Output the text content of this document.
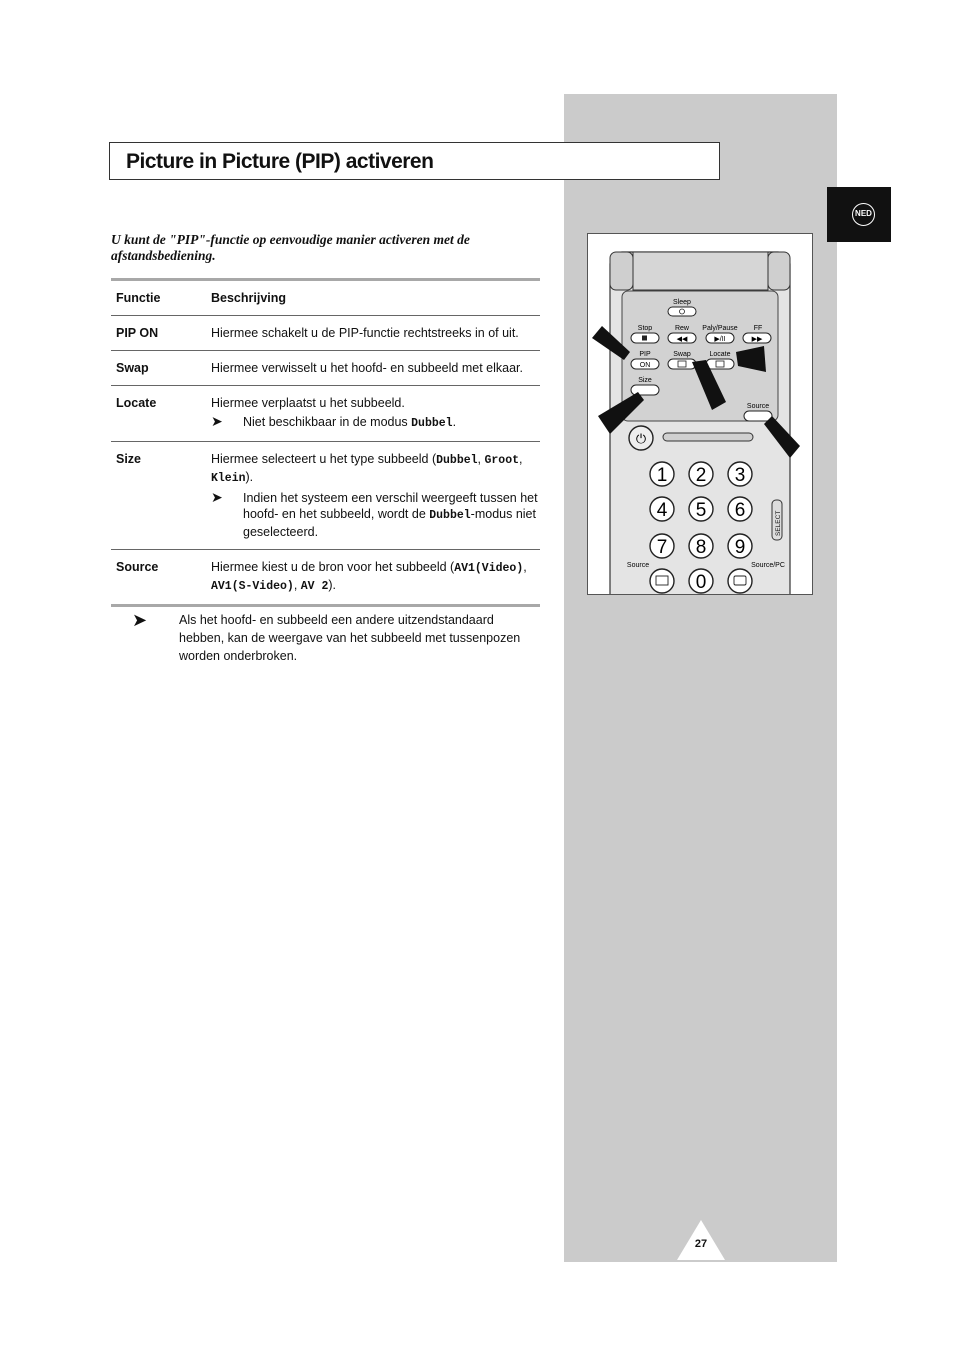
Picture in Picture (PIP) activeren
NED
U kunt de "PIP"-functie op eenvoudige manier activeren met de afstandsbediening.
Functie	Beschrijving
PIP ON	Hiermee schakelt u de PIP-functie rechtstreeks in of uit.
Swap	Hiermee verwisselt u het hoofd- en subbeeld met elkaar.
Locate	Hiermee verplaatst u het subbeeld.
➤	Niet beschikbaar in de modus Dubbel.
Size	Hiermee selecteert u het type subbeeld (Dubbel, Groot, Klein).
➤	Indien het systeem een verschil weergeeft tussen het hoofd- en het subbeeld, wordt de Dubbel-modus niet geselecteerd.
Source	Hiermee kiest u de bron voor het subbeeld (AV1(Video), AV1(S-Video), AV 2).
➤	Als het hoofd- en subbeeld een andere uitzendstandaard hebben, kan de weergave van het subbeeld met tussenpozen worden onderbroken.
Sleep
Stop	Rew Paly/Pause FF
◀◀	▶/II	▶▶
PIP	Swap	Locate
ON
Size
Source
⏻
1 2 3
4 5 6
7 8 9
0
Source	Source/PC
SELECT
27
